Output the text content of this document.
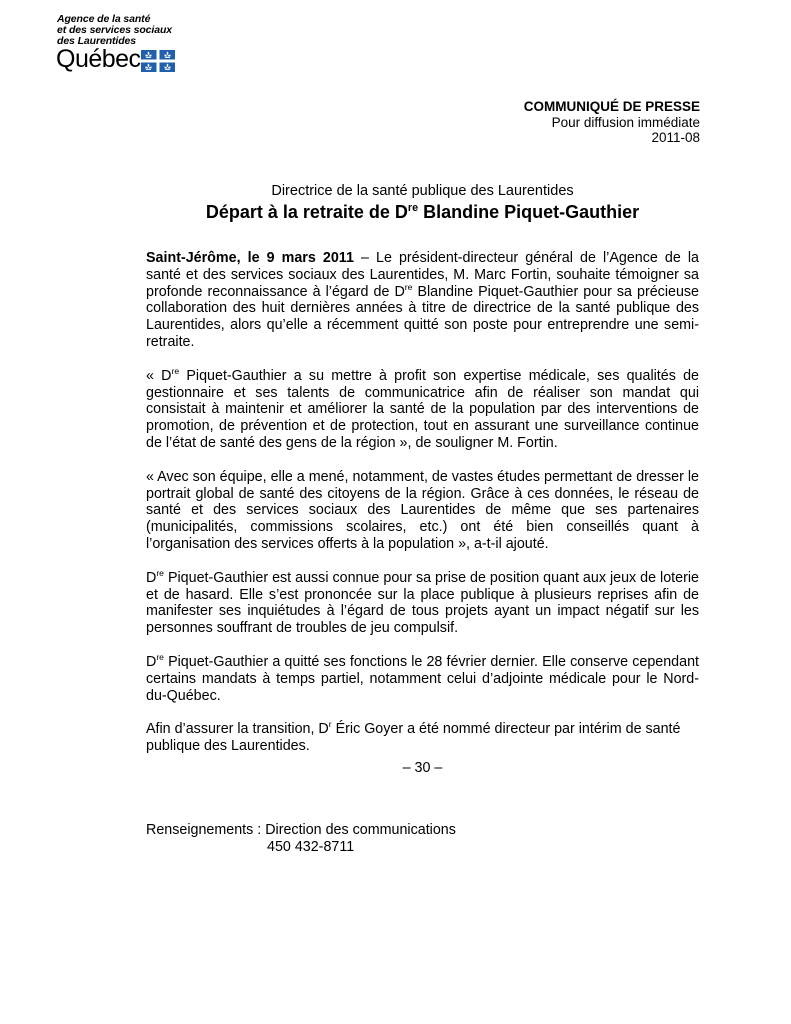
Agence de la santé
et des services sociaux
des Laurentides
Québec
COMMUNIQUÉ DE PRESSE
Pour diffusion immédiate
2011-08
Directrice de la santé publique des Laurentides
Départ à la retraite de Dre Blandine Piquet-Gauthier

Saint-Jérôme, le 9 mars 2011 – Le président-directeur général de l’Agence de la santé et des services sociaux des Laurentides, M. Marc Fortin, souhaite témoigner sa profonde reconnaissance à l’égard de Dre Blandine Piquet-Gauthier pour sa précieuse collaboration des huit dernières années à titre de directrice de la santé publique des Laurentides, alors qu’elle a récemment quitté son poste pour entreprendre une semi-retraite.

« Dre Piquet-Gauthier a su mettre à profit son expertise médicale, ses qualités de gestionnaire et ses talents de communicatrice afin de réaliser son mandat qui consistait à maintenir et améliorer la santé de la population par des interventions de promotion, de prévention et de protection, tout en assurant une surveillance continue de l’état de santé des gens de la région », de souligner M. Fortin.

« Avec son équipe, elle a mené, notamment, de vastes études permettant de dresser le portrait global de santé des citoyens de la région. Grâce à ces données, le réseau de santé et des services sociaux des Laurentides de même que ses partenaires (municipalités, commissions scolaires, etc.) ont été bien conseillés quant à l’organisation des services offerts à la population », a-t-il ajouté.

Dre Piquet-Gauthier est aussi connue pour sa prise de position quant aux jeux de loterie et de hasard. Elle s’est prononcée sur la place publique à plusieurs reprises afin de manifester ses inquiétudes à l’égard de tous projets ayant un impact négatif sur les personnes souffrant de troubles de jeu compulsif.

Dre Piquet-Gauthier a quitté ses fonctions le 28 février dernier. Elle conserve cependant certains mandats à temps partiel, notamment celui d’adjointe médicale pour le Nord-du-Québec.

Afin d’assurer la transition, $D^r$ Éric Goyer a été nommé directeur par intérim de santé publique des Laurentides.

– 30 –
Renseignements : Direction des communications
450 432-8711
